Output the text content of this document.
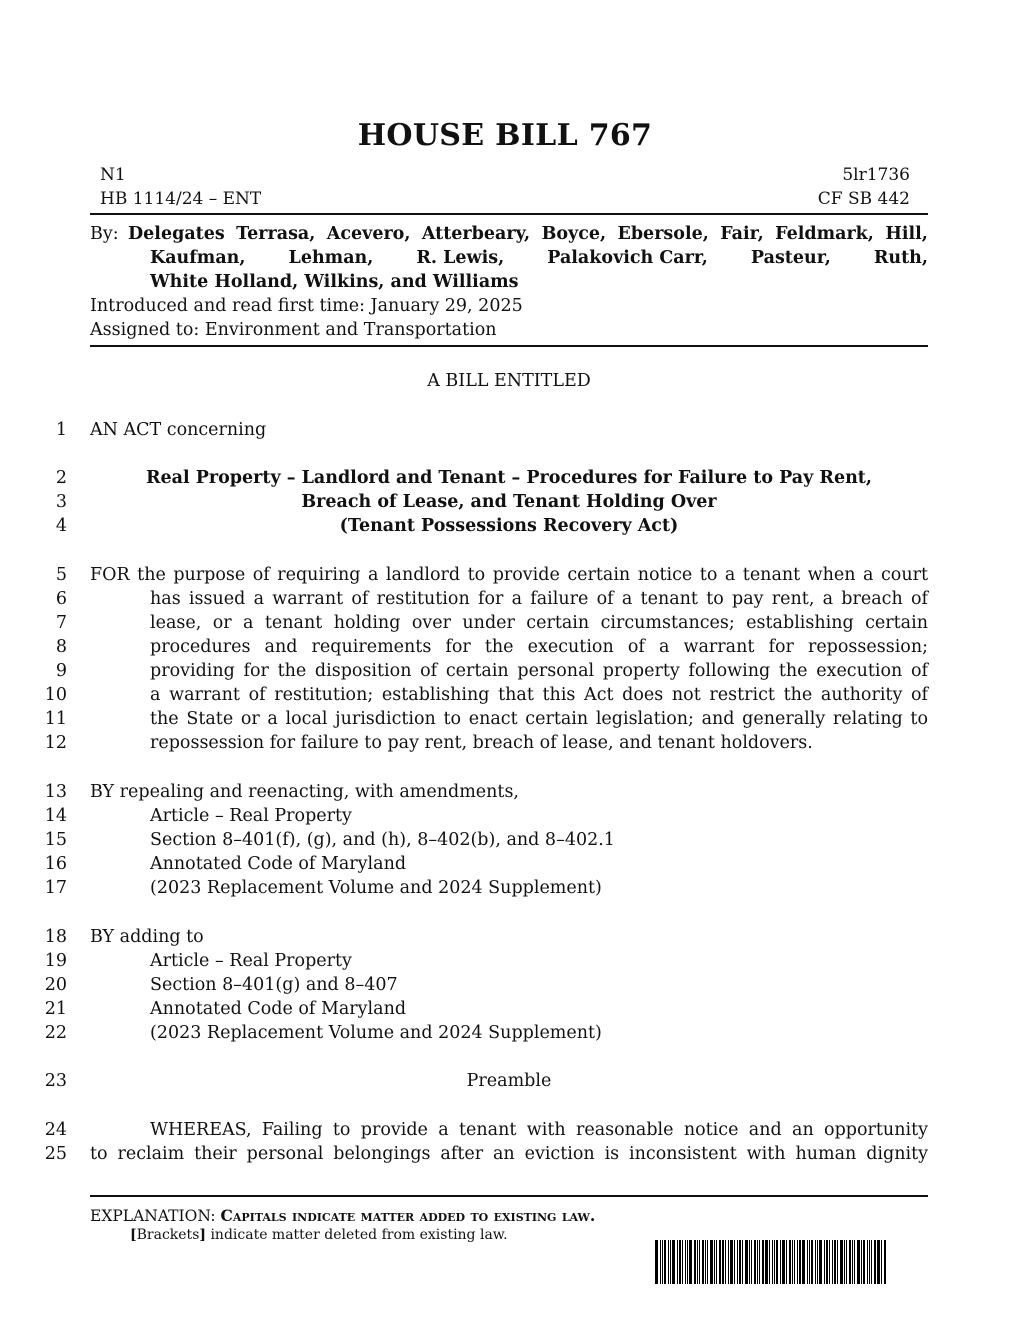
HOUSE BILL 767
N1
HB 1114/24 – ENT
5lr1736
CF SB 442
By: Delegates Terrasa, Acevero, Atterbeary, Boyce, Ebersole, Fair, Feldmark, Hill,
Kaufman, Lehman, R. Lewis, Palakovich Carr, Pasteur, Ruth,
White Holland, Wilkins, and Williams
Introduced and read first time: January 29, 2025
Assigned to: Environment and Transportation
A BILL ENTITLED
1 AN ACT concerning
2	Real Property – Landlord and Tenant – Procedures for Failure to Pay Rent,
3	Breach of Lease, and Tenant Holding Over
4	(Tenant Possessions Recovery Act)
5 FOR the purpose of requiring a landlord to provide certain notice to a tenant when a court
6	has issued a warrant of restitution for a failure of a tenant to pay rent, a breach of
7	lease, or a tenant holding over under certain circumstances; establishing certain
8	procedures and requirements for the execution of a warrant for repossession;
9	providing for the disposition of certain personal property following the execution of
10	a warrant of restitution; establishing that this Act does not restrict the authority of
11	the State or a local jurisdiction to enact certain legislation; and generally relating to
12	repossession for failure to pay rent, breach of lease, and tenant holdovers.
13 BY repealing and reenacting, with amendments,
14	Article – Real Property
15	Section 8–401(f), (g), and (h), 8–402(b), and 8–402.1
16	Annotated Code of Maryland
17	(2023 Replacement Volume and 2024 Supplement)
18 BY adding to
19	Article – Real Property
20	Section 8–401(g) and 8–407
21	Annotated Code of Maryland
22	(2023 Replacement Volume and 2024 Supplement)
23	Preamble
24	WHEREAS, Failing to provide a tenant with reasonable notice and an opportunity
25 to reclaim their personal belongings after an eviction is inconsistent with human dignity
EXPLANATION: Capitals indicate matter added to existing law.
[Brackets] indicate matter deleted from existing law.
